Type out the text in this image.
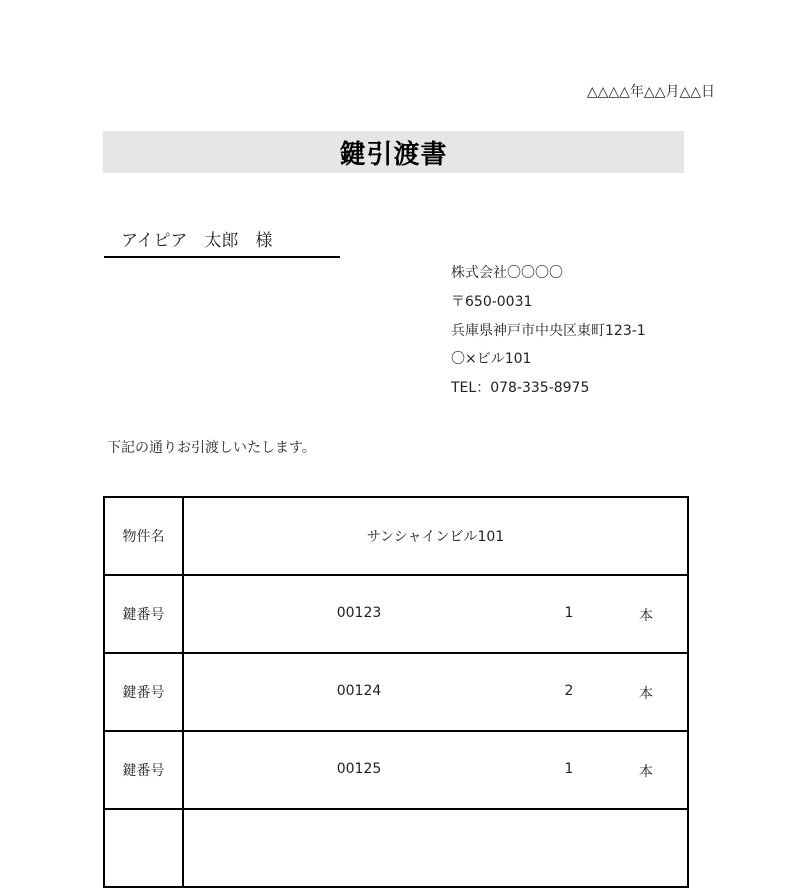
△△△△年△△月△△日
鍵引渡書
アイピア　太郎　様
株式会社〇〇〇〇
〒650-0031
兵庫県神戸市中央区東町123-1
〇×ビル101
TEL：078-335-8975
下記の通りお引渡しいたします。
物件名	サンシャインビル101
鍵番号	00123	1	本
鍵番号	00124	2	本
鍵番号	00125	1	本
